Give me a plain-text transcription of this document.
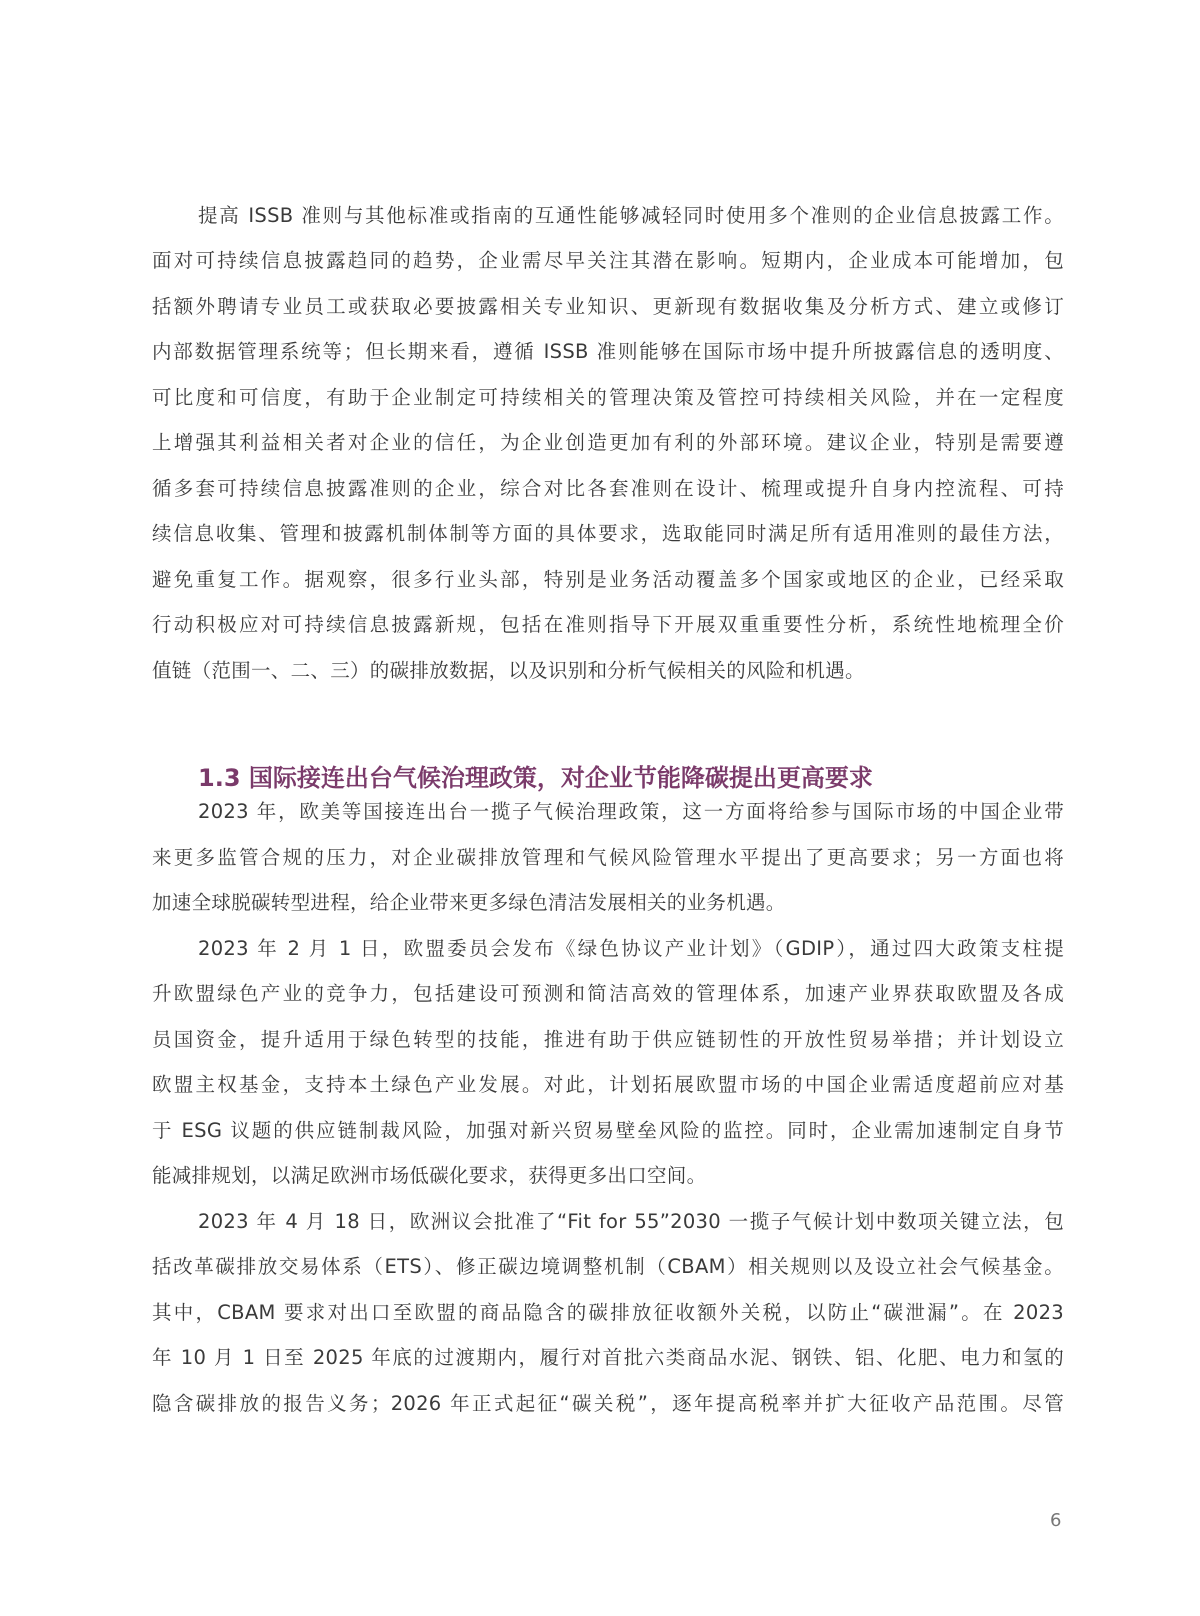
提高 ISSB 准则与其他标准或指南的互通性能够减轻同时使用多个准则的企业信息披露工作。
面对可持续信息披露趋同的趋势，企业需尽早关注其潜在影响。短期内，企业成本可能增加，包
括额外聘请专业员工或获取必要披露相关专业知识、更新现有数据收集及分析方式、建立或修订
内部数据管理系统等；但长期来看，遵循 ISSB 准则能够在国际市场中提升所披露信息的透明度、
可比度和可信度，有助于企业制定可持续相关的管理决策及管控可持续相关风险，并在一定程度
上增强其利益相关者对企业的信任，为企业创造更加有利的外部环境。建议企业，特别是需要遵
循多套可持续信息披露准则的企业，综合对比各套准则在设计、梳理或提升自身内控流程、可持
续信息收集、管理和披露机制体制等方面的具体要求，选取能同时满足所有适用准则的最佳方法，
避免重复工作。据观察，很多行业头部，特别是业务活动覆盖多个国家或地区的企业，已经采取
行动积极应对可持续信息披露新规，包括在准则指导下开展双重重要性分析，系统性地梳理全价
值链（范围一、二、三）的碳排放数据，以及识别和分析气候相关的风险和机遇。
1.3 国际接连出台气候治理政策，对企业节能降碳提出更高要求
2023 年，欧美等国接连出台一揽子气候治理政策，这一方面将给参与国际市场的中国企业带
来更多监管合规的压力，对企业碳排放管理和气候风险管理水平提出了更高要求；另一方面也将
加速全球脱碳转型进程，给企业带来更多绿色清洁发展相关的业务机遇。
2023 年 2 月 1 日，欧盟委员会发布《绿色协议产业计划》（GDIP），通过四大政策支柱提
升欧盟绿色产业的竞争力，包括建设可预测和简洁高效的管理体系，加速产业界获取欧盟及各成
员国资金，提升适用于绿色转型的技能，推进有助于供应链韧性的开放性贸易举措；并计划设立
欧盟主权基金，支持本土绿色产业发展。对此，计划拓展欧盟市场的中国企业需适度超前应对基
于 ESG 议题的供应链制裁风险，加强对新兴贸易壁垒风险的监控。同时，企业需加速制定自身节
能减排规划，以满足欧洲市场低碳化要求，获得更多出口空间。
2023 年 4 月 18 日，欧洲议会批准了“Fit for 55”2030 一揽子气候计划中数项关键立法，包
括改革碳排放交易体系（ETS）、修正碳边境调整机制（CBAM）相关规则以及设立社会气候基金。
其中，CBAM 要求对出口至欧盟的商品隐含的碳排放征收额外关税，以防止“碳泄漏”。在 2023
年 10 月 1 日至 2025 年底的过渡期内，履行对首批六类商品水泥、钢铁、铝、化肥、电力和氢的
隐含碳排放的报告义务；2026 年正式起征“碳关税”，逐年提高税率并扩大征收产品范围。尽管
6
